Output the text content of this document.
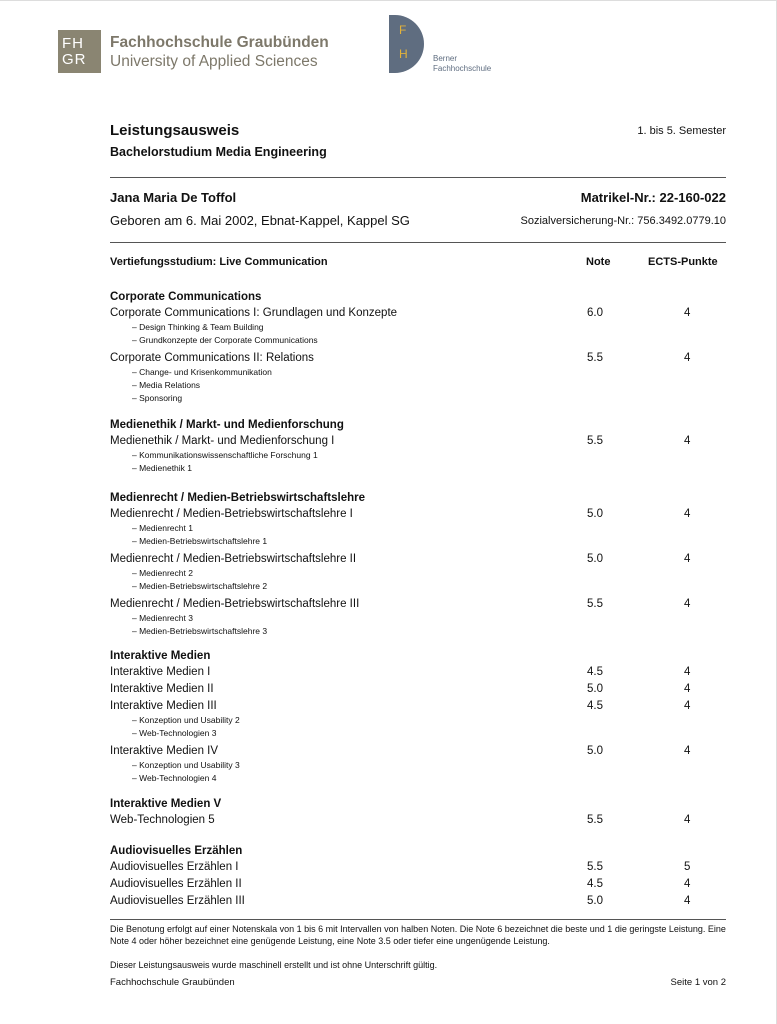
FH
GR
Fachhochschule Graubünden
University of Applied Sciences
F
H	Berner
Fachhochschule
Leistungsausweis
Bachelorstudium Media Engineering
1. bis 5. Semester
Jana Maria De Toffol	Matrikel-Nr.: 22-160-022
Geboren am 6. Mai 2002, Ebnat-Kappel, Kappel SG	Sozialversicherung-Nr.: 756.3492.0779.10
Vertiefungsstudium: Live Communication	Note	ECTS-Punkte
Corporate Communications
Corporate Communications I: Grundlagen und Konzepte	6.0	4
– Design Thinking & Team Building
– Grundkonzepte der Corporate Communications
Corporate Communications II: Relations	5.5	4
– Change- und Krisenkommunikation
– Media Relations
– Sponsoring
Medienethik / Markt- und Medienforschung
Medienethik / Markt- und Medienforschung I	5.5	4
– Kommunikationswissenschaftliche Forschung 1
– Medienethik 1
Medienrecht / Medien-Betriebswirtschaftslehre
Medienrecht / Medien-Betriebswirtschaftslehre I	5.0	4
– Medienrecht 1
– Medien-Betriebswirtschaftslehre 1
Medienrecht / Medien-Betriebswirtschaftslehre II	5.0	4
– Medienrecht 2
– Medien-Betriebswirtschaftslehre 2
Medienrecht / Medien-Betriebswirtschaftslehre III	5.5	4
– Medienrecht 3
– Medien-Betriebswirtschaftslehre 3
Interaktive Medien
Interaktive Medien I	4.5	4
Interaktive Medien II	5.0	4
Interaktive Medien III	4.5	4
– Konzeption und Usability 2
– Web-Technologien 3
Interaktive Medien IV	5.0	4
– Konzeption und Usability 3
– Web-Technologien 4
Interaktive Medien V
Web-Technologien 5	5.5	4
Audiovisuelles Erzählen
Audiovisuelles Erzählen I	5.5	5
Audiovisuelles Erzählen II	4.5	4
Audiovisuelles Erzählen III	5.0	4
Die Benotung erfolgt auf einer Notenskala von 1 bis 6 mit Intervallen von halben Noten. Die Note 6 bezeichnet die beste und 1 die geringste Leistung. Eine Note 4 oder höher bezeichnet eine genügende Leistung, eine Note 3.5 oder tiefer eine ungenügende Leistung.
Dieser Leistungsausweis wurde maschinell erstellt und ist ohne Unterschrift gültig.
Fachhochschule Graubünden	Seite 1 von 2
